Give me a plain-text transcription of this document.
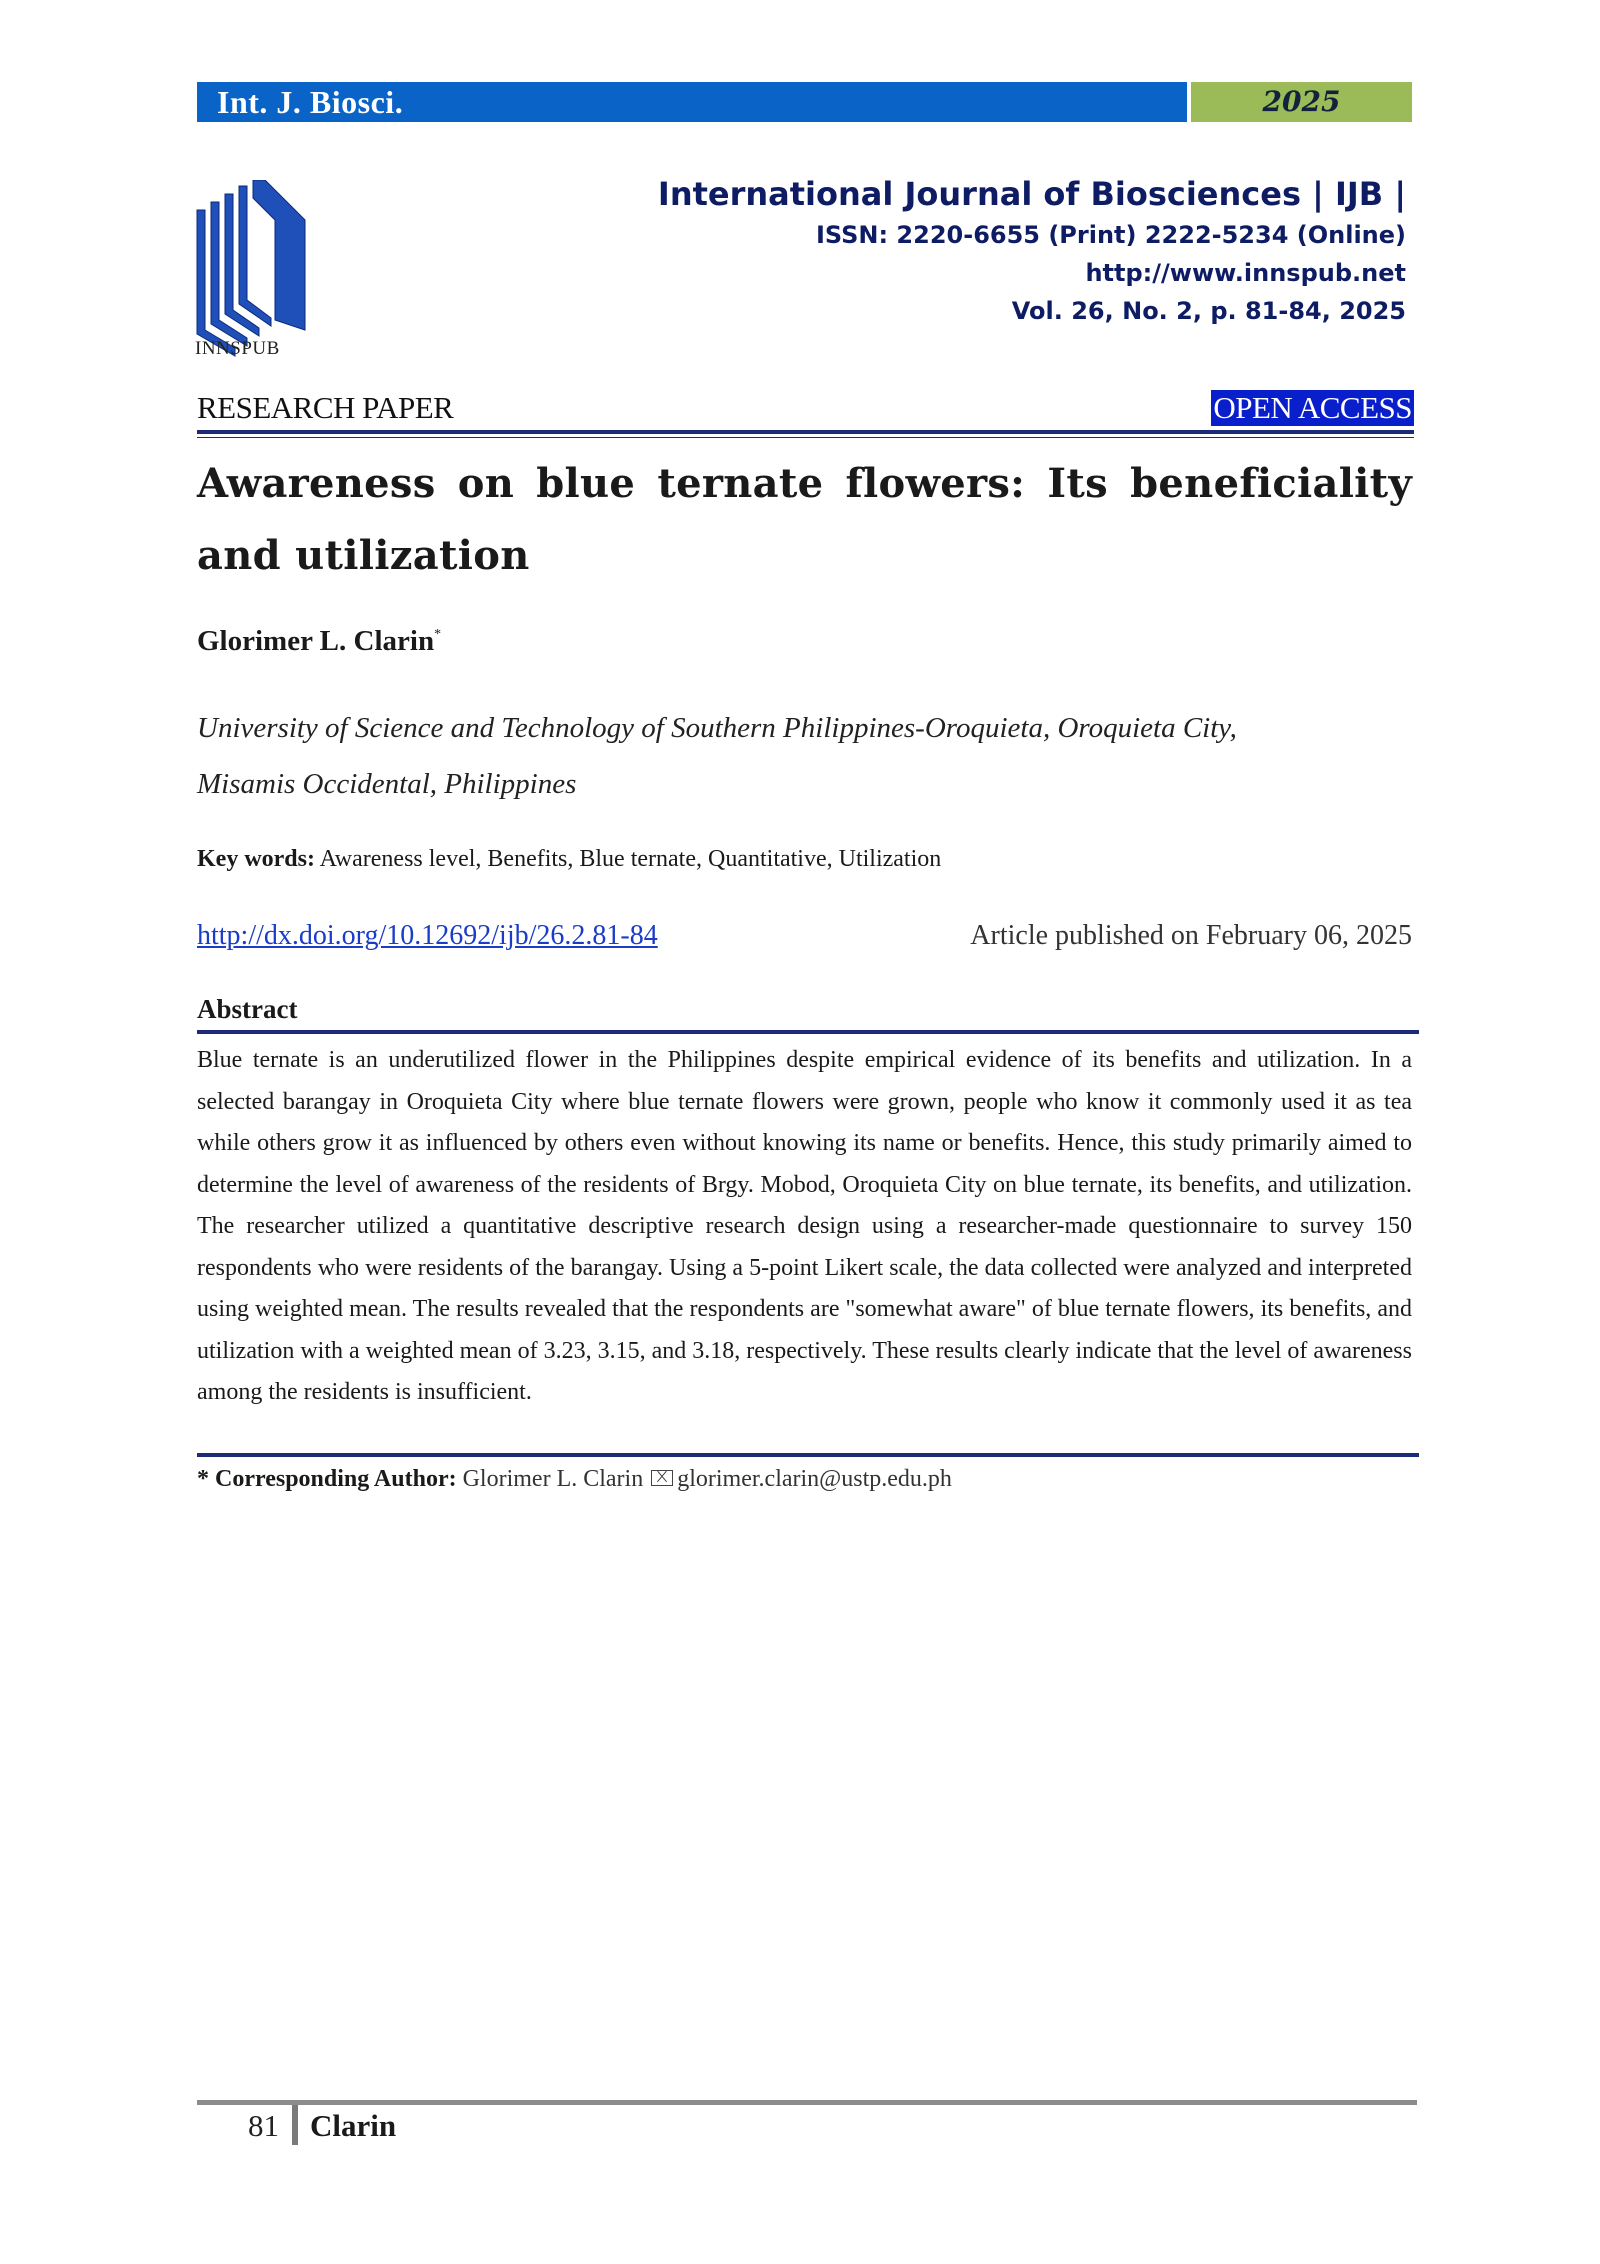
Int. J. Biosci.	2025
INNSPUB
International Journal of Biosciences | IJB |
ISSN: 2220-6655 (Print) 2222-5234 (Online)
http://www.innspub.net
Vol. 26, No. 2, p. 81-84, 2025
RESEARCH PAPER	OPEN ACCESS
Awareness on blue ternate flowers: Its beneficiality and utilization
Glorimer L. Clarin*
University of Science and Technology of Southern Philippines-Oroquieta, Oroquieta City,
Misamis Occidental, Philippines
Key words: Awareness level, Benefits, Blue ternate, Quantitative, Utilization
http://dx.doi.org/10.12692/ijb/26.2.81-84	Article published on February 06, 2025
Abstract
Blue ternate is an underutilized flower in the Philippines despite empirical evidence of its benefits and utilization. In a selected barangay in Oroquieta City where blue ternate flowers were grown, people who know it commonly used it as tea while others grow it as influenced by others even without knowing its name or benefits. Hence, this study primarily aimed to determine the level of awareness of the residents of Brgy. Mobod, Oroquieta City on blue ternate, its benefits, and utilization. The researcher utilized a quantitative descriptive research design using a researcher-made questionnaire to survey 150 respondents who were residents of the barangay. Using a 5-point Likert scale, the data collected were analyzed and interpreted using weighted mean. The results revealed that the respondents are "somewhat aware" of blue ternate flowers, its benefits, and utilization with a weighted mean of 3.23, 3.15, and 3.18, respectively. These results clearly indicate that the level of awareness among the residents is insufficient.
* Corresponding Author: Glorimer L. Clarin glorimer.clarin@ustp.edu.ph
81 Clarin
